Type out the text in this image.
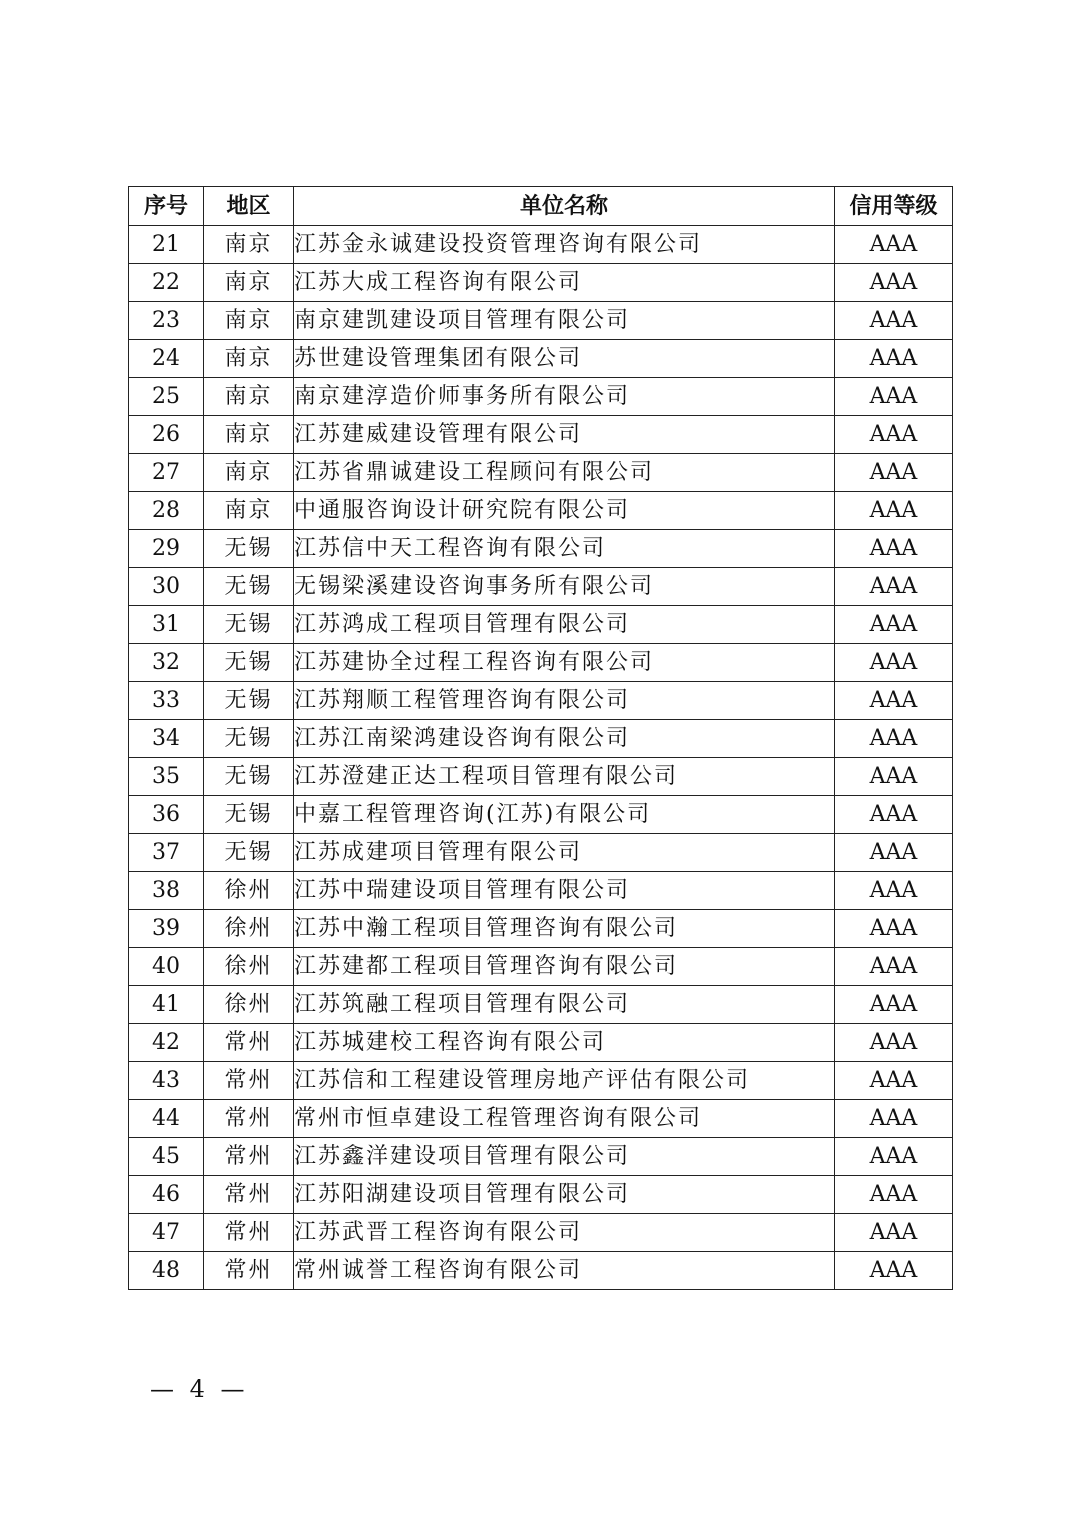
序号	地区	单位名称	信用等级
21	南京	江苏金永诚建设投资管理咨询有限公司	AAA
22	南京	江苏大成工程咨询有限公司	AAA
23	南京	南京建凯建设项目管理有限公司	AAA
24	南京	苏世建设管理集团有限公司	AAA
25	南京	南京建淳造价师事务所有限公司	AAA
26	南京	江苏建威建设管理有限公司	AAA
27	南京	江苏省鼎诚建设工程顾问有限公司	AAA
28	南京	中通服咨询设计研究院有限公司	AAA
29	无锡	江苏信中天工程咨询有限公司	AAA
30	无锡	无锡梁溪建设咨询事务所有限公司	AAA
31	无锡	江苏鸿成工程项目管理有限公司	AAA
32	无锡	江苏建协全过程工程咨询有限公司	AAA
33	无锡	江苏翔顺工程管理咨询有限公司	AAA
34	无锡	江苏江南梁鸿建设咨询有限公司	AAA
35	无锡	江苏澄建正达工程项目管理有限公司	AAA
36	无锡	中嘉工程管理咨询(江苏)有限公司	AAA
37	无锡	江苏成建项目管理有限公司	AAA
38	徐州	江苏中瑞建设项目管理有限公司	AAA
39	徐州	江苏中瀚工程项目管理咨询有限公司	AAA
40	徐州	江苏建都工程项目管理咨询有限公司	AAA
41	徐州	江苏筑融工程项目管理有限公司	AAA
42	常州	江苏城建校工程咨询有限公司	AAA
43	常州	江苏信和工程建设管理房地产评估有限公司	AAA
44	常州	常州市恒卓建设工程管理咨询有限公司	AAA
45	常州	江苏鑫洋建设项目管理有限公司	AAA
46	常州	江苏阳湖建设项目管理有限公司	AAA
47	常州	江苏武晋工程咨询有限公司	AAA
48	常州	常州诚誉工程咨询有限公司	AAA
— 4 —
